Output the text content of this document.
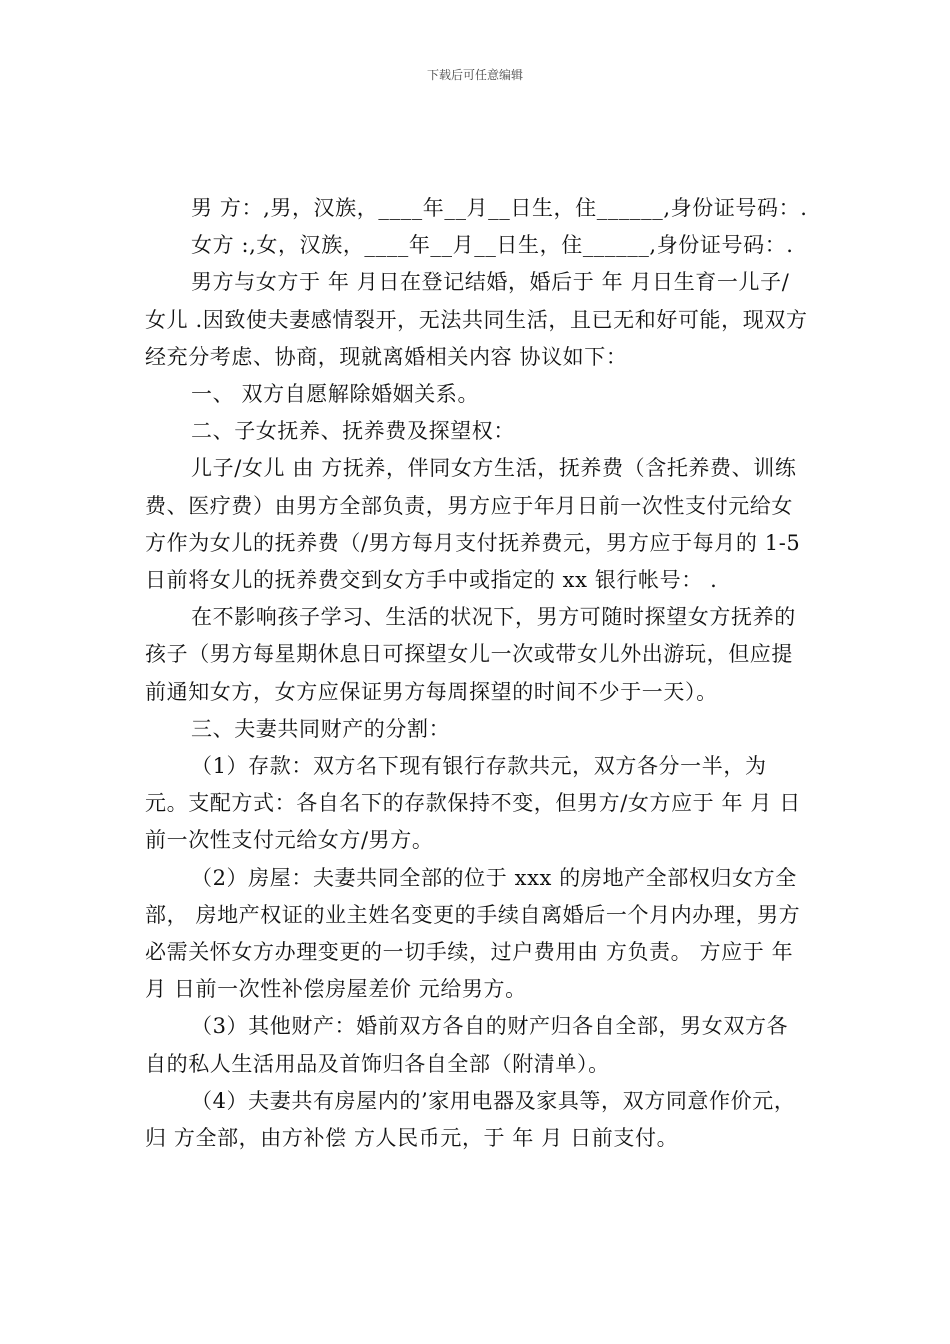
下载后可任意编辑

男 方：,男，汉族，____年__月__日生，住______,身份证号码：.

女方 :,女，汉族，____年__月__日生，住______,身份证号码：.

男方与女方于 年 月日在登记结婚，婚后于 年 月日生育一儿子/女儿 .因致使夫妻感情裂开，无法共同生活，且已无和好可能，现双方经充分考虑、协商，现就离婚相关内容 协议如下：

一、 双方自愿解除婚姻关系。

二、子女抚养、抚养费及探望权：

儿子/女儿 由 方抚养，伴同女方生活，抚养费（含托养费、训练费、医疗费）由男方全部负责，男方应于年月日前一次性支付元给女方作为女儿的抚养费（/男方每月支付抚养费元，男方应于每月的 1-5 日前将女儿的抚养费交到女方手中或指定的 xx 银行帐号： .

在不影响孩子学习、生活的状况下，男方可随时探望女方抚养的孩子（男方每星期休息日可探望女儿一次或带女儿外出游玩，但应提前通知女方，女方应保证男方每周探望的时间不少于一天）。

三、夫妻共同财产的分割：

（1）存款：双方名下现有银行存款共元，双方各分一半，为元。支配方式：各自名下的存款保持不变，但男方/女方应于 年 月 日前一次性支付元给女方/男方。

（2）房屋：夫妻共同全部的位于 xxx 的房地产全部权归女方全部， 房地产权证的业主姓名变更的手续自离婚后一个月内办理，男方必需关怀女方办理变更的一切手续，过户费用由 方负责。 方应于 年 月 日前一次性补偿房屋差价 元给男方。

（3）其他财产：婚前双方各自的财产归各自全部，男女双方各自的私人生活用品及首饰归各自全部（附清单）。

（4）夫妻共有房屋内的’家用电器及家具等，双方同意作价元，归 方全部，由方补偿 方人民币元，于 年 月 日前支付。
